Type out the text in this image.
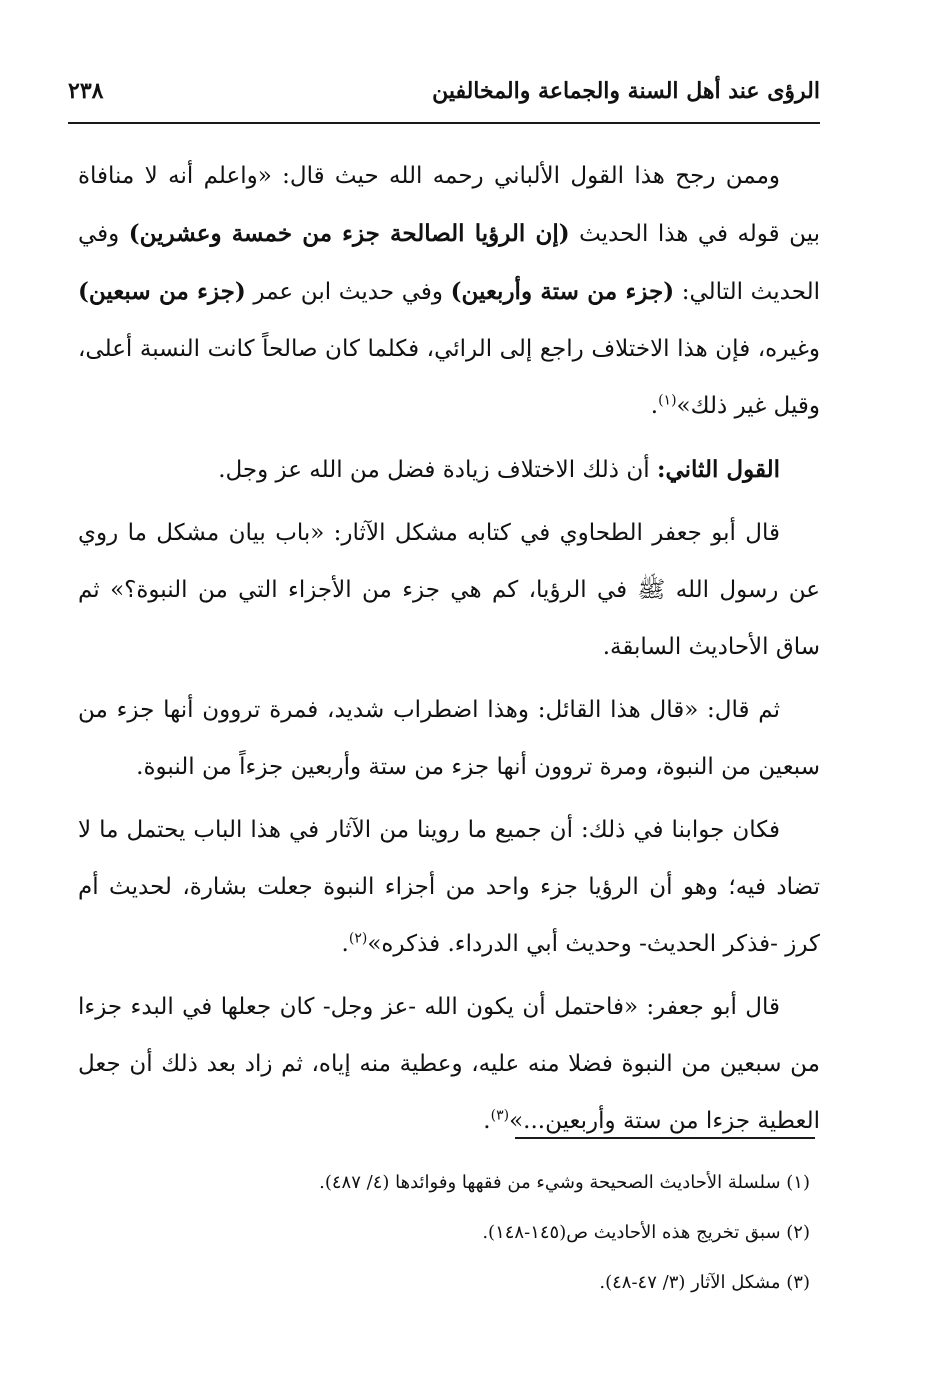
الرؤى عند أهل السنة والجماعة والمخالفين
٢٣٨

وممن رجح هذا القول الألباني رحمه الله حيث قال: «واعلم أنه لا منافاة بين قوله في هذا الحديث (إن الرؤيا الصالحة جزء من خمسة وعشرين) وفي الحديث التالي: (جزء من ستة وأربعين) وفي حديث ابن عمر (جزء من سبعين) وغيره، فإن هذا الاختلاف راجع إلى الرائي، فكلما كان صالحاً كانت النسبة أعلى، وقيل غير ذلك»$^{(١)}$.

القول الثاني: أن ذلك الاختلاف زيادة فضل من الله عز وجل.

قال أبو جعفر الطحاوي في كتابه مشكل الآثار: «باب بيان مشكل ما روي عن رسول الله ﷺ في الرؤيا، كم هي جزء من الأجزاء التي من النبوة؟» ثم ساق الأحاديث السابقة.

ثم قال: «قال هذا القائل: وهذا اضطراب شديد، فمرة تروون أنها جزء من سبعين من النبوة، ومرة تروون أنها جزء من ستة وأربعين جزءاً من النبوة.

فكان جوابنا في ذلك: أن جميع ما روينا من الآثار في هذا الباب يحتمل ما لا تضاد فيه؛ وهو أن الرؤيا جزء واحد من أجزاء النبوة جعلت بشارة، لحديث أم كرز -فذكر الحديث- وحديث أبي الدرداء. فذكره»$^{(٢)}$.

قال أبو جعفر: «فاحتمل أن يكون الله -عز وجل- كان جعلها في البدء جزءا من سبعين من النبوة فضلا منه عليه، وعطية منه إياه، ثم زاد بعد ذلك أن جعل العطية جزءا من ستة وأربعين...»$^{(٣)}$.

(١) سلسلة الأحاديث الصحيحة وشيء من فقهها وفوائدها (٤/ ٤٨٧).

(٢) سبق تخريج هذه الأحاديث ص(١٤٥-١٤٨).

(٣) مشكل الآثار (٣/ ٤٧-٤٨).
